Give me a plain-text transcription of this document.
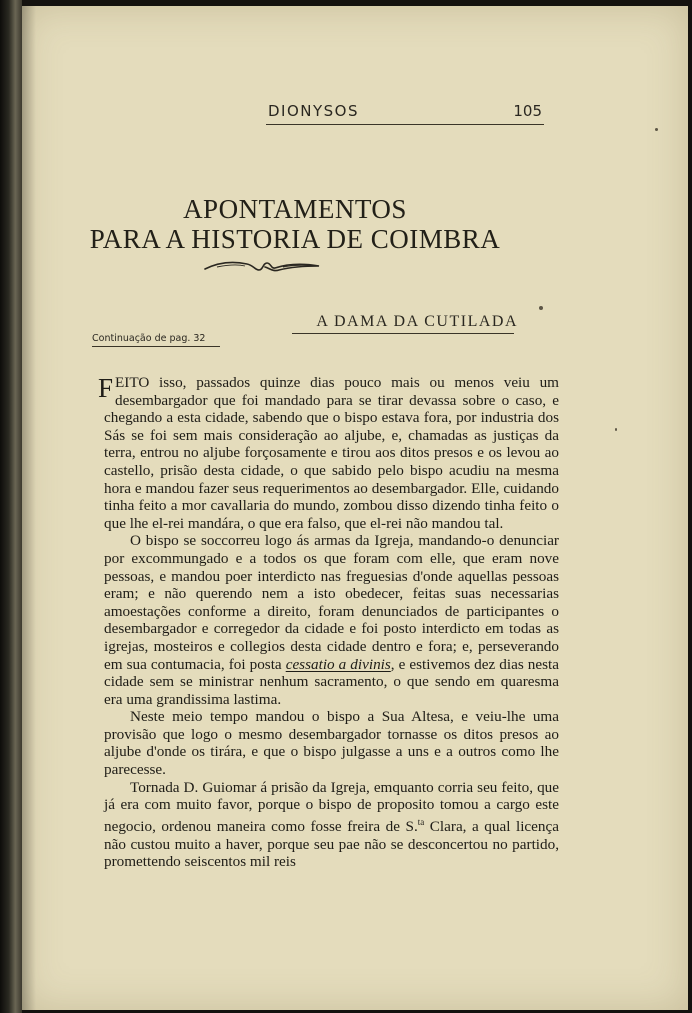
DIONYSOS	105
APONTAMENTOS
PARA A HISTORIA DE COIMBRA
A DAMA DA CUTILADA
Continuação de pag. 32

FEITO isso, passados quinze dias pouco mais ou menos veiu um desembargador que foi mandado para se tirar devassa sobre o caso, e chegando a esta cidade, sabendo que o bispo estava fora, por industria dos Sás se foi sem mais consideração ao aljube, e, chamadas as justiças da terra, entrou no aljube forçosamente e tirou aos ditos presos e os levou ao castello, prisão desta cidade, o que sabido pelo bispo acudiu na mesma hora e mandou fazer seus requerimentos ao desembargador. Elle, cuidando tinha feito a mor cavallaria do mundo, zombou disso dizendo tinha feito o que lhe el-rei mandára, o que era falso, que el-rei não mandou tal.

O bispo se soccorreu logo ás armas da Igreja, mandando-o denunciar por excommungado e a todos os que foram com elle, que eram nove pessoas, e mandou poer interdicto nas freguesias d'onde aquellas pessoas eram; e não querendo nem a isto obedecer, feitas suas necessarias amoestações conforme a direito, foram denunciados de participantes o desembargador e corregedor da cidade e foi posto interdicto em todas as igrejas, mosteiros e collegios desta cidade dentro e fora; e, perseverando em sua contumacia, foi posta cessatio a divinis, e estivemos dez dias nesta cidade sem se ministrar nenhum sacramento, o que sendo em quaresma era uma grandissima lastima.

Neste meio tempo mandou o bispo a Sua Altesa, e veiu-lhe uma provisão que logo o mesmo desembargador tornasse os ditos presos ao aljube d'onde os tirára, e que o bispo julgasse a uns e a outros como lhe parecesse.

Tornada D. Guiomar á prisão da Igreja, emquanto corria seu feito, que já era com muito favor, porque o bispo de proposito tomou a cargo este negocio, ordenou maneira como fosse freira de S.$^{ta}$ Clara, a qual licença não custou muito a haver, porque seu pae não se desconcertou no partido, promettendo seiscentos mil reis
